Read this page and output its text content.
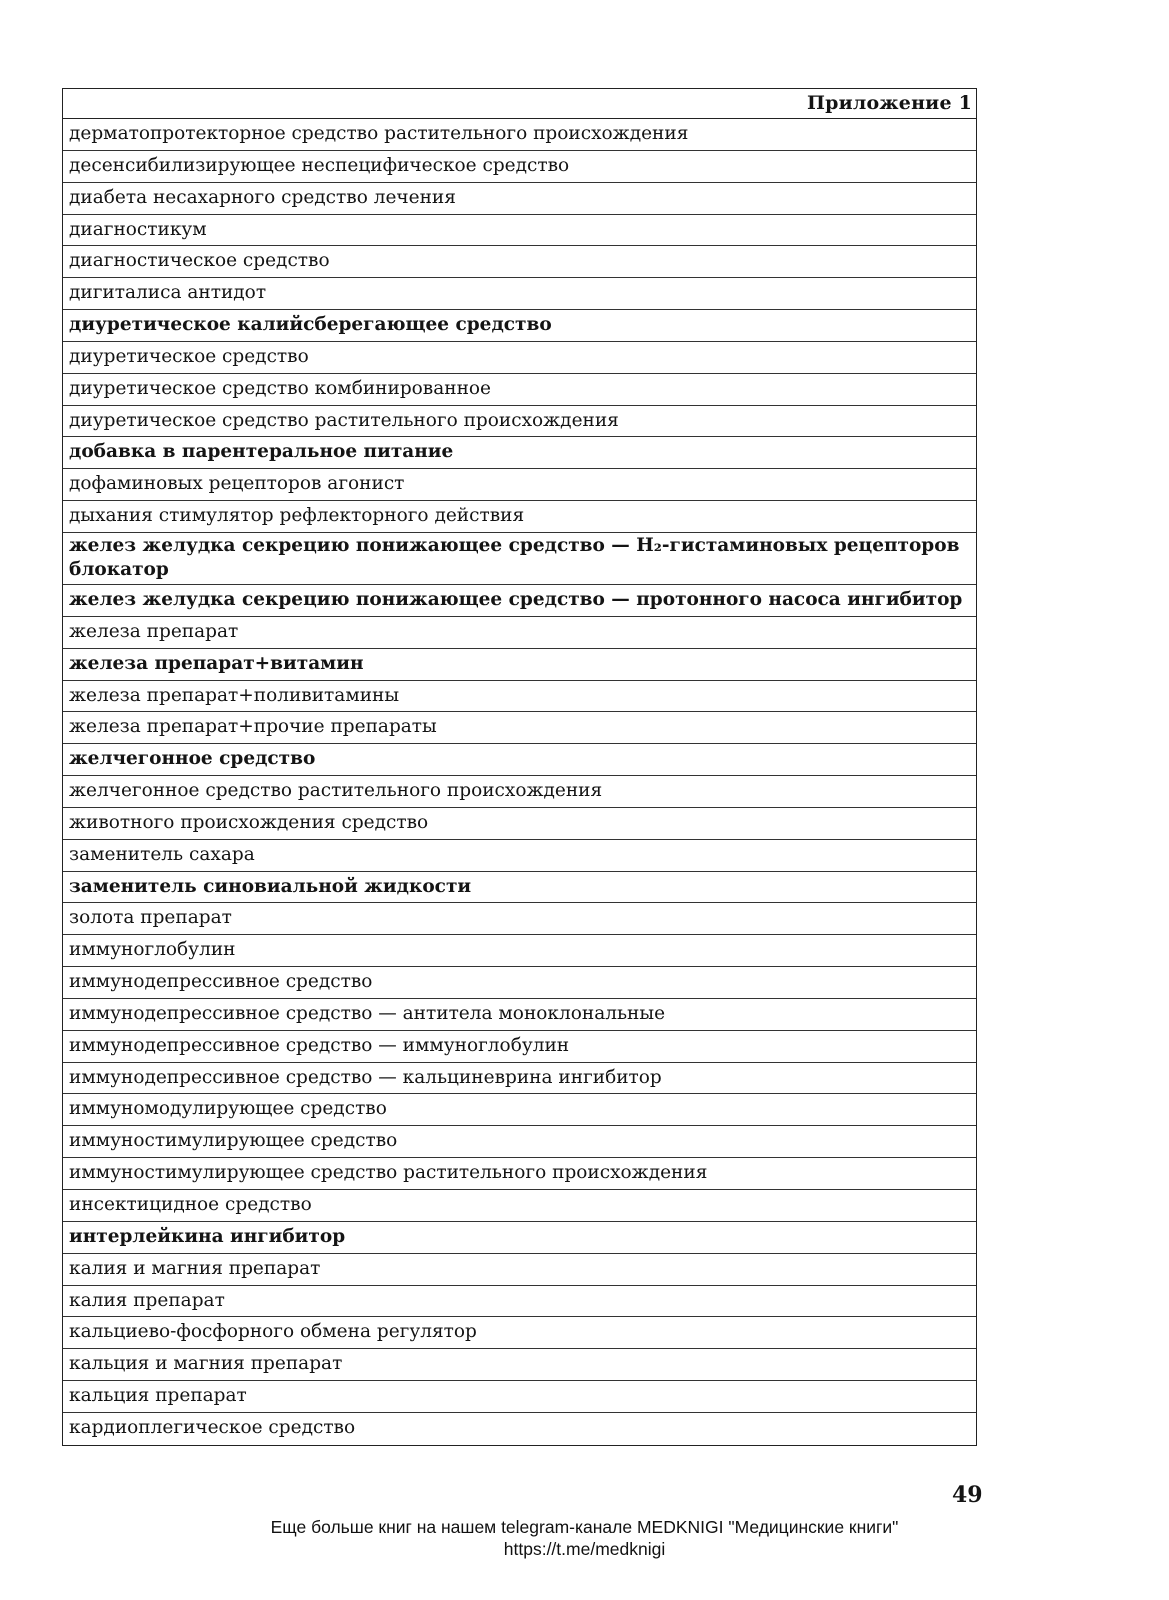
Приложение 1
дерматопротекторное средство растительного происхождения
десенсибилизирующее неспецифическое средство
диабета несахарного средство лечения
диагностикум
диагностическое средство
дигиталиса антидот
диуретическое калийсберегающее средство
диуретическое средство
диуретическое средство комбинированное
диуретическое средство растительного происхождения
добавка в парентеральное питание
дофаминовых рецепторов агонист
дыхания стимулятор рефлекторного действия
желез желудка секрецию понижающее средство — H₂-гистаминовых рецепторов блокатор
желез желудка секрецию понижающее средство — протонного насоса ингибитор
железа препарат
железа препарат+витамин
железа препарат+поливитамины
железа препарат+прочие препараты
желчегонное средство
желчегонное средство растительного происхождения
животного происхождения средство
заменитель сахара
заменитель синовиальной жидкости
золота препарат
иммуноглобулин
иммунодепрессивное средство
иммунодепрессивное средство — антитела моноклональные
иммунодепрессивное средство — иммуноглобулин
иммунодепрессивное средство — кальциневрина ингибитор
иммуномодулирующее средство
иммуностимулирующее средство
иммуностимулирующее средство растительного происхождения
инсектицидное средство
интерлейкина ингибитор
калия и магния препарат
калия препарат
кальциево-фосфорного обмена регулятор
кальция и магния препарат
кальция препарат
кардиоплегическое средство
49
Еще больше книг на нашем telegram-канале MEDKNIGI "Медицинские книги"
https://t.me/medknigi
